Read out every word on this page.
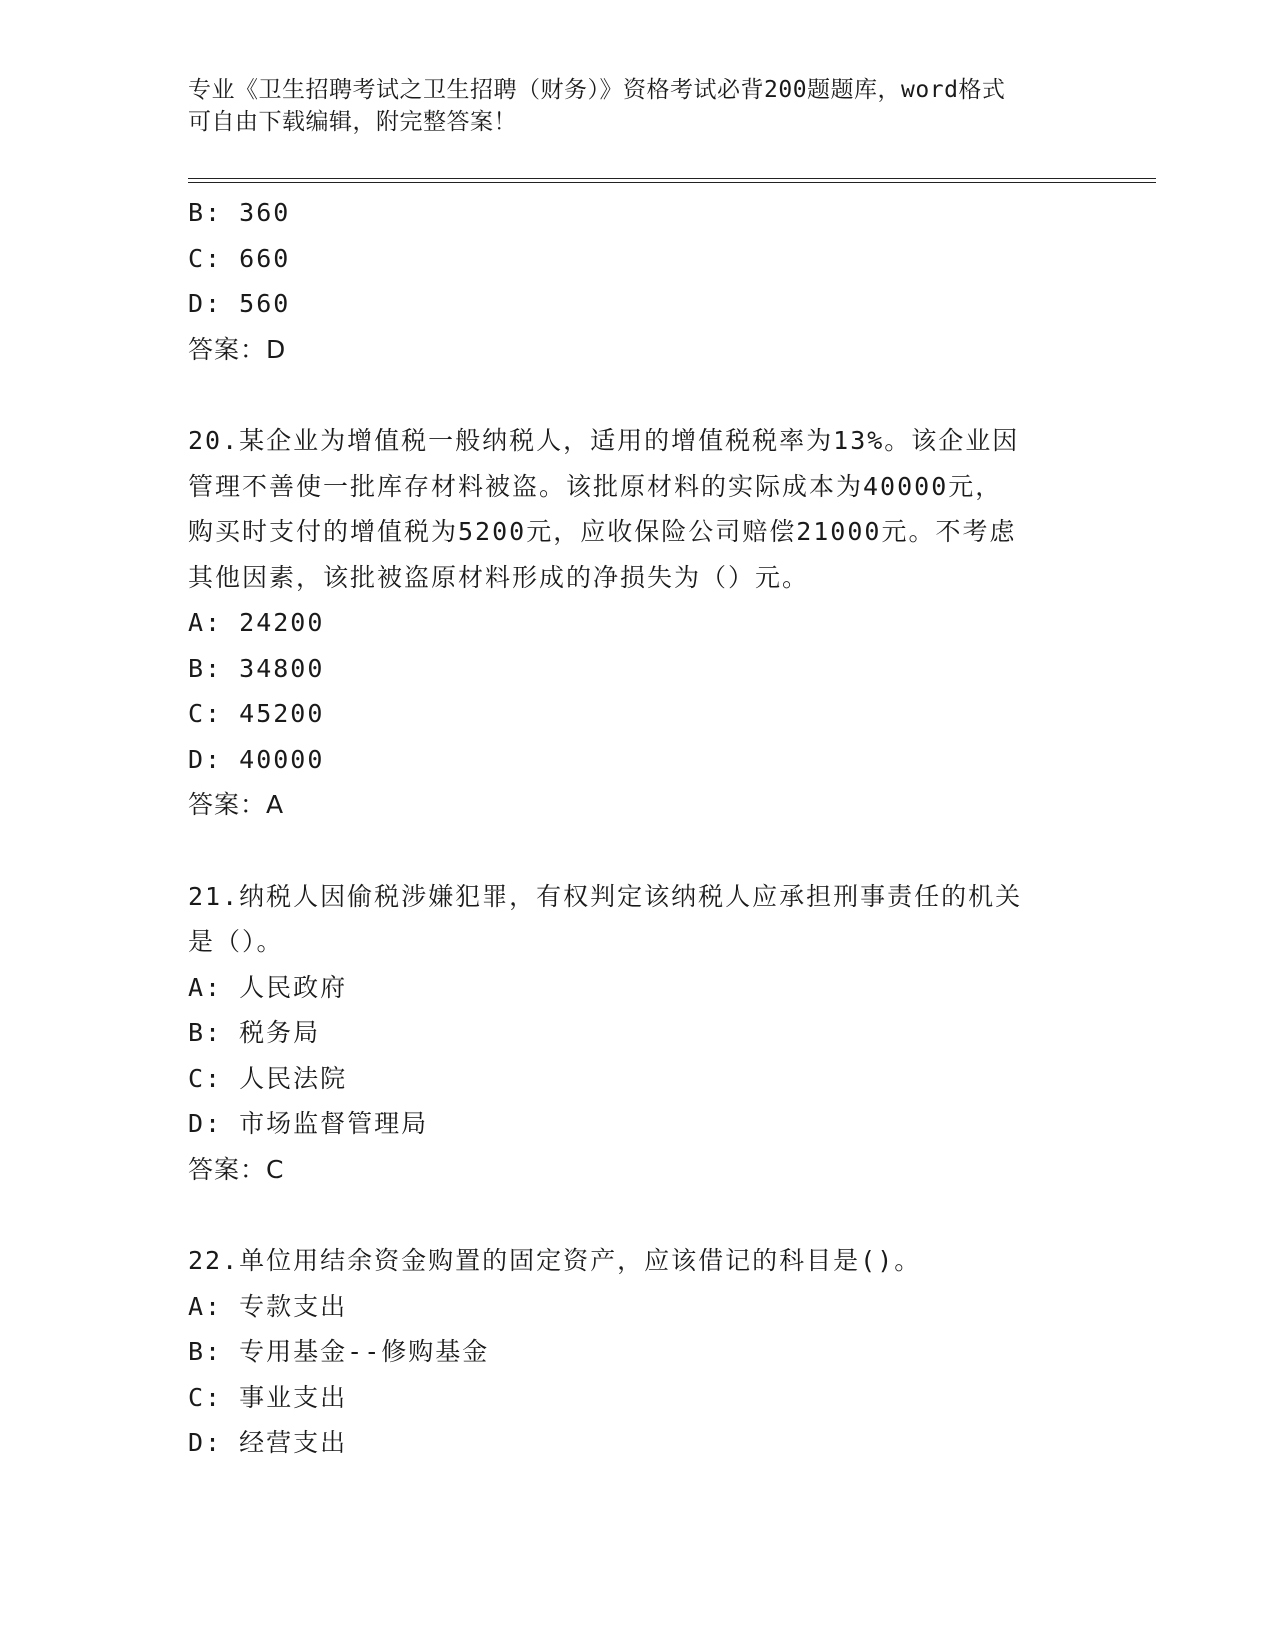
专业《卫生招聘考试之卫生招聘（财务）》资格考试必背200题题库，word格式
可自由下载编辑，附完整答案！
B: 360
C: 660
D: 560
答案：D
20.某企业为增值税一般纳税人，适用的增值税税率为13%。该企业因
管理不善使一批库存材料被盗。该批原材料的实际成本为40000元，
购买时支付的增值税为5200元，应收保险公司赔偿21000元。不考虑
其他因素，该批被盗原材料形成的净损失为（）元。
A: 24200
B: 34800
C: 45200
D: 40000
答案：A
21.纳税人因偷税涉嫌犯罪，有权判定该纳税人应承担刑事责任的机关
是（）。
A: 人民政府
B: 税务局
C: 人民法院
D: 市场监督管理局
答案：C
22.单位用结余资金购置的固定资产，应该借记的科目是()。
A: 专款支出
B: 专用基金--修购基金
C: 事业支出
D: 经营支出
